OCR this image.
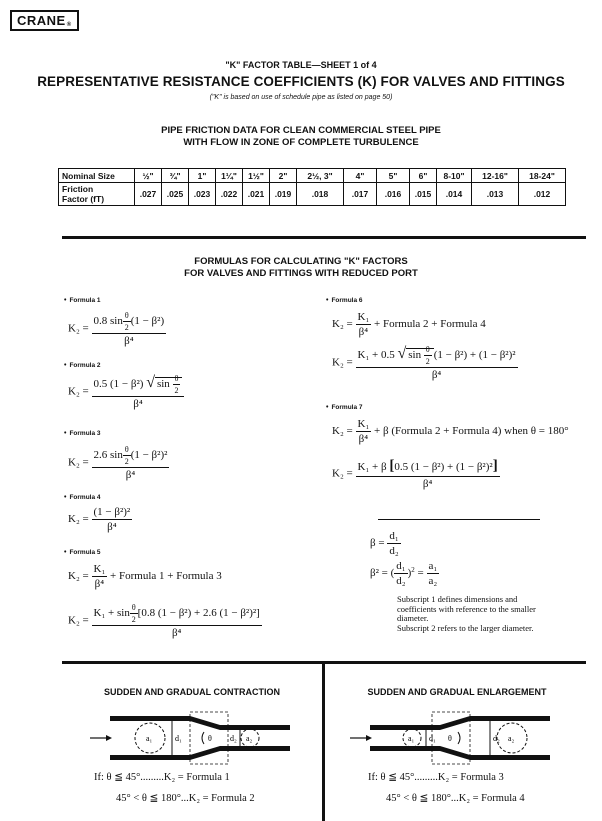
CRANE®
"K" FACTOR TABLE—SHEET 1 of 4
REPRESENTATIVE RESISTANCE COEFFICIENTS (K) FOR VALVES AND FITTINGS
("K" is based on use of schedule pipe as listed on page 50)
PIPE FRICTION DATA FOR CLEAN COMMERCIAL STEEL PIPE
WITH FLOW IN ZONE OF COMPLETE TURBULENCE
Nominal Size	½"	¾"	1"	1¼"	1½"	2"	2½, 3"	4"	5"	6"	8-10"	12-16"	18-24"
Friction
Factor (fT)	.027	.025	.023	.022	.021	.019	.018	.017	.016	.015	.014	.013	.012
FORMULAS FOR CALCULATING "K" FACTORS
FOR VALVES AND FITTINGS WITH REDUCED PORT
• Formula 1
$K_2 = \frac{0.8 \sin \frac{\theta}{2} (1 - \beta^2)}{\text{β⁴}}$
• Formula 2
$K_2 = \frac{0.5 (1 - \beta^2) √ \sin \frac{\theta}{2}}{\text{β⁴}}$
• Formula 3
$K_2 = \frac{2.6 \sin \frac{\theta}{2} (1 - \beta^2)^2}{\text{β⁴}}$
• Formula 4
$K_2 = \frac{\text{(1 − β²)²}}{\text{β⁴}}$
• Formula 5
$K_2 = \frac{\text{K₁}}{\text{β⁴}}$ + Formula 1 + Formula 3
$K_2 = \frac{K_1 + \sin \frac{\theta}{2} [0.8 (1 - \beta^2) + 2.6 (1 - \beta^2)^2]}{\text{β⁴}}$
• Formula 6
$K_2 = \frac{\text{K₁}}{\text{β⁴}}$ + Formula 2 + Formula 4
$K_2 = \frac{K_1 + 0.5 √ \sin \frac{\theta}{2} (1 - \beta^2) + (1 - \beta^2)^2}{\text{β⁴}}$
• Formula 7
$K_2 = \frac{\text{K₁}}{\text{β⁴}} + \beta$ (Formula 2 + Formula 4) when θ = 180°
$K_2 = \frac{\text{K₁ + β [0.5 (1 − β²) + (1 − β²)²]}}{\text{β⁴}}$
$\beta = \frac{\text{d₁}}{\text{d₂}}$
β² = ( $\frac{\text{d₁}}{\text{d₂}} )^2 = \frac{\text{a₁}}{\text{a₂}}$
Subscript 1 defines dimensions and coefficients with reference to the smaller diameter.
Subscript 2 refers to the larger diameter.
SUDDEN AND GRADUAL CONTRACTION
a₁	d₁	θ d₂ a₂
If: θ ≦ 45°.........K₂ = Formula 1
45° < θ ≦ 180°...K₂ = Formula 2
SUDDEN AND GRADUAL ENLARGEMENT
a₁ d₁ θ	d₂ a₂
If: θ ≦ 45°.........K₂ = Formula 3
45° < θ ≦ 180°...K₂ = Formula 4
